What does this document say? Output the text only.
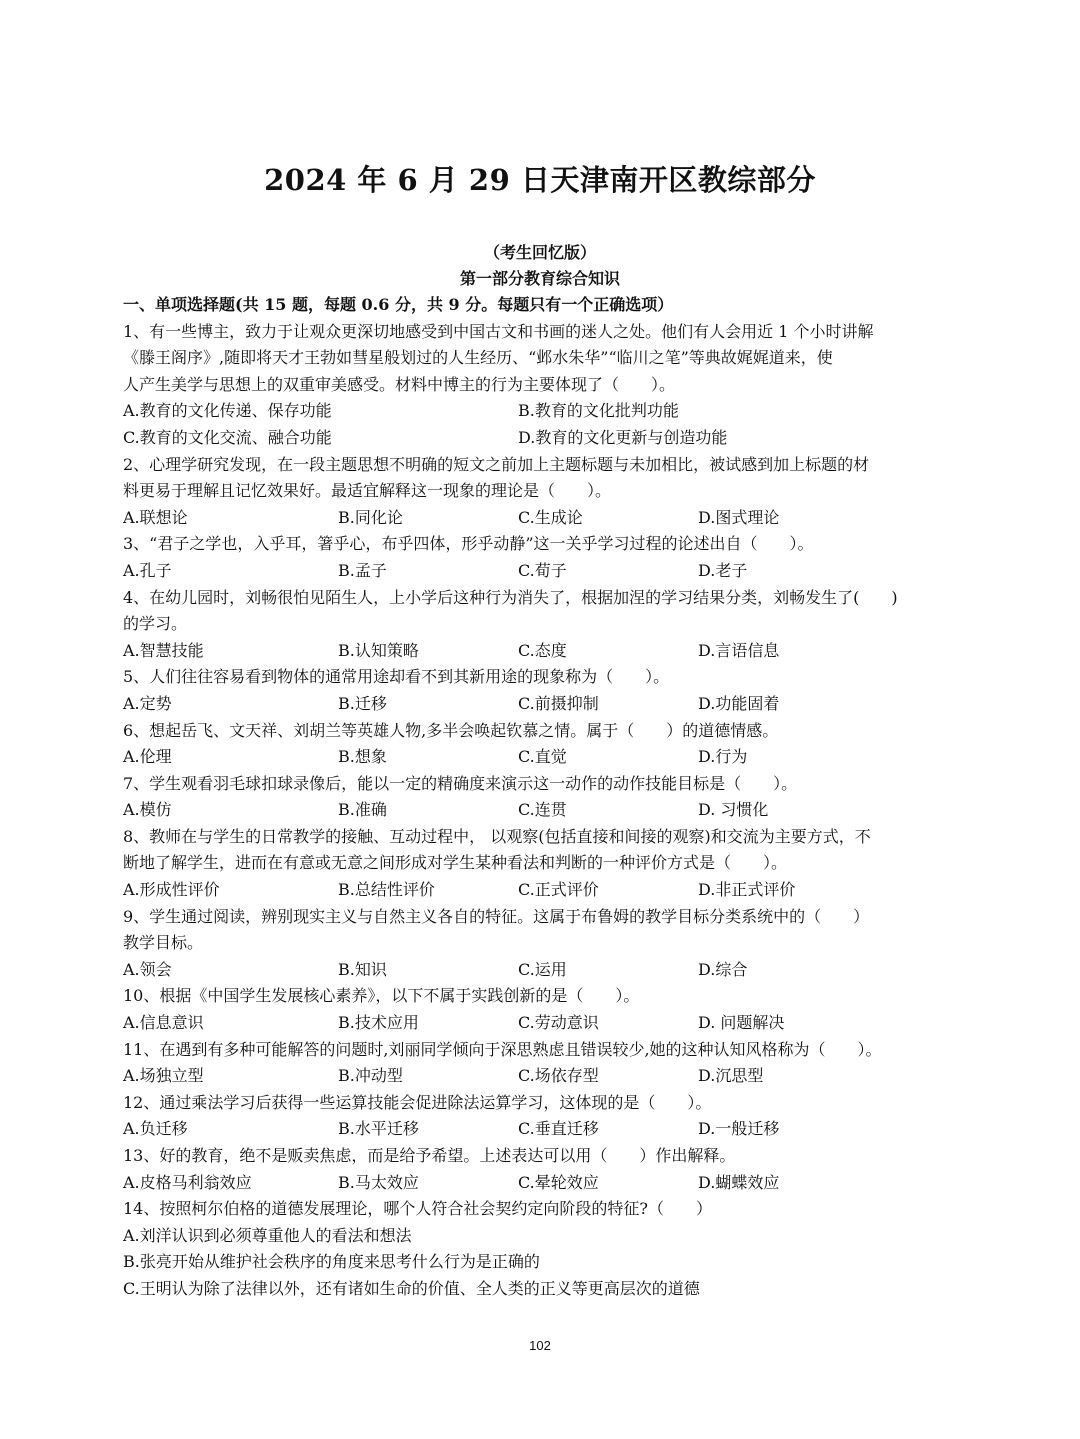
2024 年 6 月 29 日天津南开区教综部分
（考生回忆版）
第一部分教育综合知识
一、单项选择题(共 15 题，每题 0.6 分，共 9 分。每题只有一个正确选项）
1、有一些博主，致力于让观众更深切地感受到中国古文和书画的迷人之处。他们有人会用近 1 个小时讲解
《滕王阁序》,随即将天才王勃如彗星般划过的人生经历、“邺水朱华”“临川之笔”等典故娓娓道来，使
人产生美学与思想上的双重审美感受。材料中博主的行为主要体现了（　　）。
A.教育的文化传递、保存功能	B.教育的文化批判功能
C.教育的文化交流、融合功能	D.教育的文化更新与创造功能
2、心理学研究发现，在一段主题思想不明确的短文之前加上主题标题与未加相比，被试感到加上标题的材
料更易于理解且记忆效果好。最适宜解释这一现象的理论是（　　）。
A.联想论	B.同化论	C.生成论	D.图式理论
3、“君子之学也，入乎耳，箸乎心，布乎四体，形乎动静”这一关乎学习过程的论述出自（　　）。
A.孔子	B.孟子	C.荀子	D.老子
4、在幼儿园时，刘畅很怕见陌生人，上小学后这种行为消失了，根据加涅的学习结果分类，刘畅发生了(　　)
的学习。
A.智慧技能	B.认知策略	C.态度	D.言语信息
5、人们往往容易看到物体的通常用途却看不到其新用途的现象称为（　　）。
A.定势	B.迁移	C.前摄抑制	D.功能固着
6、想起岳飞、文天祥、刘胡兰等英雄人物,多半会唤起钦慕之情。属于（　　）的道德情感。
A.伦理	B.想象	C.直觉	D.行为
7、学生观看羽毛球扣球录像后，能以一定的精确度来演示这一动作的动作技能目标是（　　）。
A.模仿	B.准确	C.连贯	D. 习惯化
8、教师在与学生的日常教学的接触、互动过程中， 以观察(包括直接和间接的观察)和交流为主要方式，不
断地了解学生，进而在有意或无意之间形成对学生某种看法和判断的一种评价方式是（　　）。
A.形成性评价	B.总结性评价	C.正式评价	D.非正式评价
9、学生通过阅读，辨别现实主义与自然主义各自的特征。这属于布鲁姆的教学目标分类系统中的（　　）
教学目标。
A.领会	B.知识	C.运用	D.综合
10、根据《中国学生发展核心素养》，以下不属于实践创新的是（　　）。
A.信息意识	B.技术应用	C.劳动意识	D. 问题解决
11、在遇到有多种可能解答的问题时,刘丽同学倾向于深思熟虑且错误较少,她的这种认知风格称为（　　）。
A.场独立型	B.冲动型	C.场依存型	D.沉思型
12、通过乘法学习后获得一些运算技能会促进除法运算学习，这体现的是（　　）。
A.负迁移	B.水平迁移	C.垂直迁移	D.一般迁移
13、好的教育，绝不是贩卖焦虑，而是给予希望。上述表达可以用（　　）作出解释。
A.皮格马利翁效应	B.马太效应	C.晕轮效应	D.蝴蝶效应
14、按照柯尔伯格的道德发展理论，哪个人符合社会契约定向阶段的特征?（　　）
A.刘洋认识到必须尊重他人的看法和想法
B.张亮开始从维护社会秩序的角度来思考什么行为是正确的
C.王明认为除了法律以外，还有诸如生命的价值、全人类的正义等更高层次的道德
102
